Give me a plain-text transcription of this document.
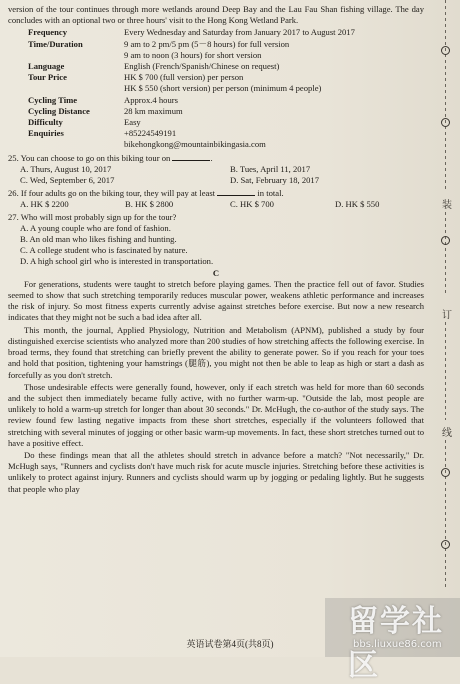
version of the tour continues through more wetlands around Deep Bay and the Lau Fau Shan fishing village. The day concludes with an optional two or three hours' visit to the Hong Kong Wetland Park.

Frequency	Every Wednesday and Saturday from January 2017 to August 2017
Time/Duration	9 am to 2 pm/5 pm (5－8 hours) for full version
9 am to noon (3 hours) for short version
Language	English (French/Spanish/Chinese on request)
Tour Price	HK $ 700 (full version) per person
HK $ 550 (short version) per person (minimum 4 people)
Cycling Time	Approx.4 hours
Cycling Distance	28 km maximum
Difficulty	Easy
Enquiries	+85224549191
bikehongkong@mountainbikingasia.com

25. You can choose to go on this biking tour on	.

A. Thurs, August 10, 2017	B. Tues, April 11, 2017
C. Wed, September 6, 2017	D. Sat, February 18, 2017

26. If four adults go on the biking tour, they will pay at least	in total.

A. HK $ 2200	B. HK $ 2800	C. HK $ 700	D. HK $ 550

27. Who will most probably sign up for the tour?

A. A young couple who are fond of fashion.

B. An old man who likes fishing and hunting.

C. A college student who is fascinated by nature.

D. A high school girl who is interested in transportation.

C

For generations, students were taught to stretch before playing games. Then the practice fell out of favor. Studies seemed to show that such stretching temporarily reduces muscular power, weakens athletic performance and increases the risk of injury. So most fitness experts currently advise against stretches before exercise. But now a new research indicates that they might not be such a bad idea after all.

This month, the journal, Applied Physiology, Nutrition and Metabolism (APNM), published a study by four distinguished exercise scientists who analyzed more than 200 studies of how stretching affects the following exercise. In broad terms, they found that stretching can briefly prevent the ability to generate power. So if you reach for your toes and hold that position, tightening your hamstrings (腿筋), you might not then be able to leap as high or start a dash as forcefully as you don't stretch.

Those undesirable effects were generally found, however, only if each stretch was held for more than 60 seconds and the subject then immediately became fully active, with no further warm-up. "Outside the lab, most people are unlikely to hold a warm-up stretch for longer than about 30 seconds." Dr. McHugh, the co-author of the study says. The review found few lasting negative impacts from these short stretches, especially if the volunteers followed that stretching with several minutes of jogging or other basic warm-up movements. In fact, these short stretches turned out to have a positive effect.

Do these findings mean that all the athletes should stretch in advance before a match? "Not necessarily," Dr. McHugh says, "Runners and cyclists don't have much risk for acute muscle injuries. Stretching before these activities is unlikely to protect against injury. Runners and cyclists should warm up by jogging or pedaling lightly. But he suggests that people who play

装
订
线
英语试卷第4页(共8页)
留学社区
bbs.liuxue86.com
